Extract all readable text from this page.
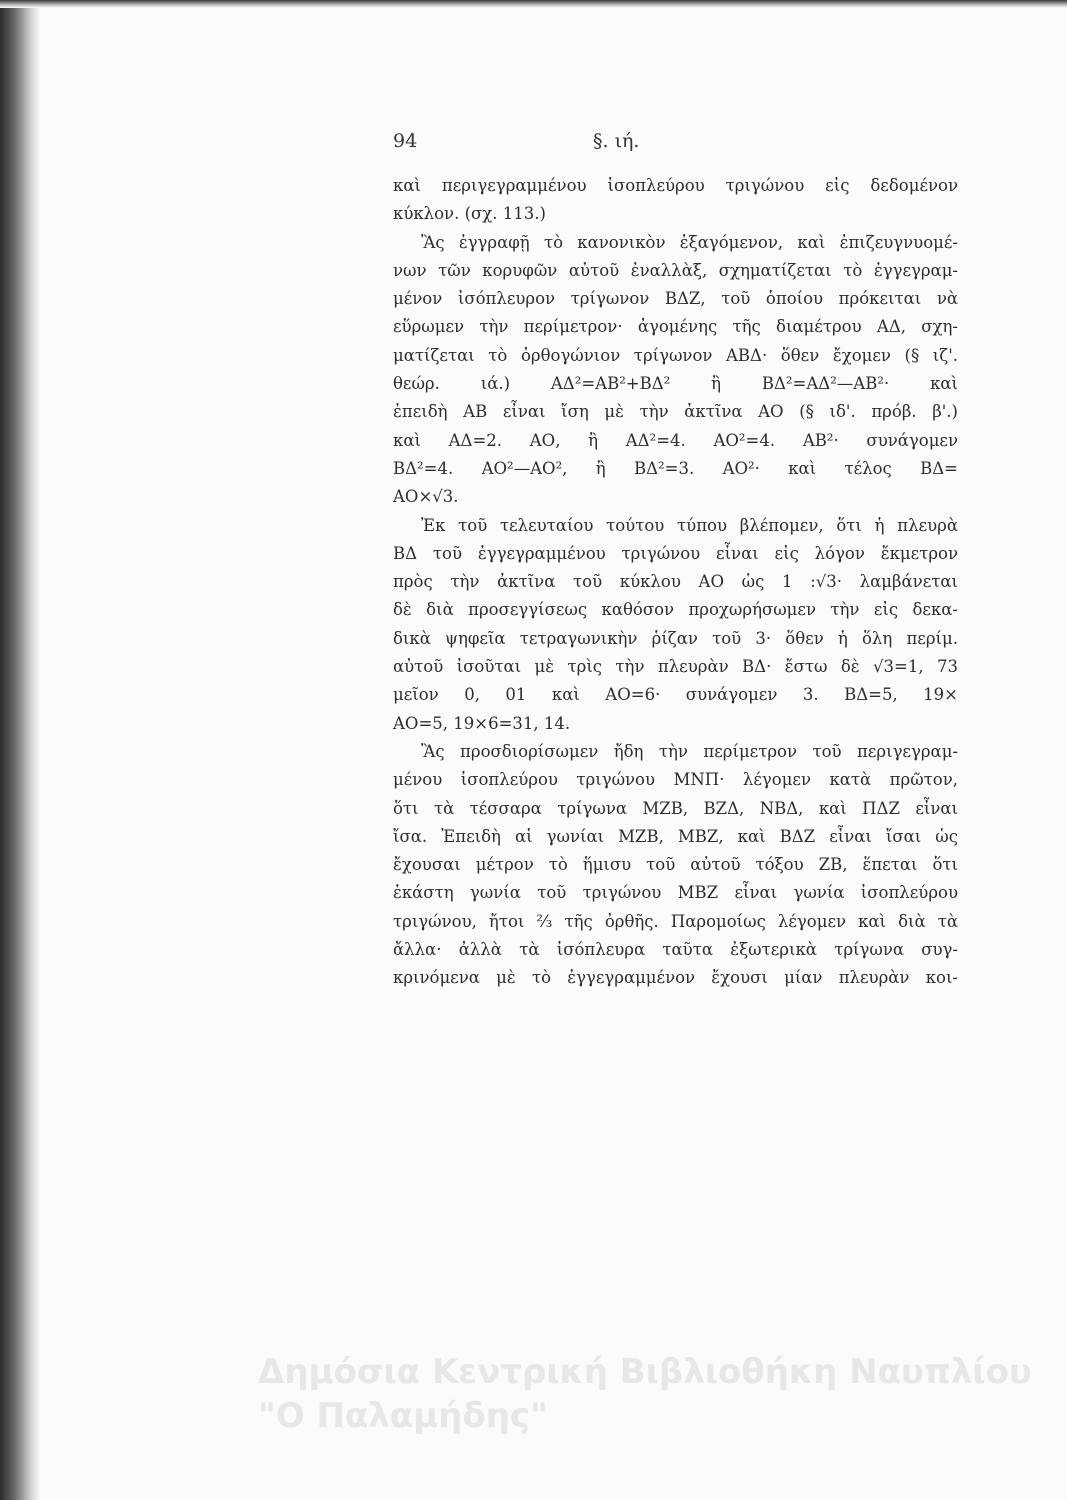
94	§. ιή.

καὶ περιγεγραμμένου ἰσοπλεύρου τριγώνου εἰς δεδομένον
κύκλον. (σχ. 113.)

Ἂς ἐγγραφῇ τὸ κανονικὸν ἑξαγόμενον, καὶ ἐπιζευγνυομέ-
νων τῶν κορυφῶν αὐτοῦ ἐναλλὰξ, σχηματίζεται τὸ ἐγγεγραμ-
μένον ἰσόπλευρον τρίγωνον ΒΔΖ, τοῦ ὁποίου πρόκειται νὰ
εὕρωμεν τὴν περίμετρον· ἀγομένης τῆς διαμέτρου ΑΔ, σχη-
ματίζεται τὸ ὀρθογώνιον τρίγωνον ΑΒΔ· ὅθεν ἔχομεν (§ ιζ'.
θεώρ. ιά.) ΑΔ²=ΑΒ²+ΒΔ² ἢ ΒΔ²=ΑΔ²—ΑΒ²· καὶ
ἐπειδὴ ΑΒ εἶναι ἴση μὲ τὴν ἀκτῖνα ΑΟ (§ ιδ'. πρόβ. β'.)
καὶ ΑΔ=2. ΑΟ, ἢ ΑΔ²=4. ΑΟ²=4. ΑΒ²· συνάγομεν
ΒΔ²=4. ΑΟ²—ΑΟ², ἢ ΒΔ²=3. ΑΟ²· καὶ τέλος ΒΔ=
ΑΟ×√3.

Ἐκ τοῦ τελευταίου τούτου τύπου βλέπομεν, ὅτι ἡ πλευρὰ
ΒΔ τοῦ ἐγγεγραμμένου τριγώνου εἶναι εἰς λόγον ἔκμετρον
πρὸς τὴν ἀκτῖνα τοῦ κύκλου ΑΟ ὡς 1 :√3· λαμβάνεται
δὲ διὰ προσεγγίσεως καθόσον προχωρήσωμεν τὴν εἰς δεκα-
δικὰ ψηφεῖα τετραγωνικὴν ῥίζαν τοῦ 3· ὅθεν ἡ ὅλη περίμ.
αὐτοῦ ἰσοῦται μὲ τρὶς τὴν πλευρὰν ΒΔ· ἔστω δὲ √3=1, 73
μεῖον 0, 01 καὶ ΑΟ=6· συνάγομεν 3. ΒΔ=5, 19×
ΑΟ=5, 19×6=31, 14.

Ἂς προσδιορίσωμεν ἤδη τὴν περίμετρον τοῦ περιγεγραμ-
μένου ἰσοπλεύρου τριγώνου ΜΝΠ· λέγομεν κατὰ πρῶτον,
ὅτι τὰ τέσσαρα τρίγωνα ΜΖΒ, ΒΖΔ, ΝΒΔ, καὶ ΠΔΖ εἶναι
ἴσα. Ἐπειδὴ αἱ γωνίαι ΜΖΒ, ΜΒΖ, καὶ ΒΔΖ εἶναι ἴσαι ὡς
ἔχουσαι μέτρον τὸ ἥμισυ τοῦ αὐτοῦ τόξου ΖΒ, ἕπεται ὅτι
ἑκάστη γωνία τοῦ τριγώνου ΜΒΖ εἶναι γωνία ἰσοπλεύρου
τριγώνου, ἤτοι ⅔ τῆς ὀρθῆς. Παρομοίως λέγομεν καὶ διὰ τὰ
ἄλλα· ἀλλὰ τὰ ἰσόπλευρα ταῦτα ἐξωτερικὰ τρίγωνα συγ-
κρινόμενα μὲ τὸ ἐγγεγραμμένον ἔχουσι μίαν πλευρὰν κοι-

Δημόσια Κεντρική Βιβλιοθήκη Ναυπλίου
"Ο Παλαμήδης"
